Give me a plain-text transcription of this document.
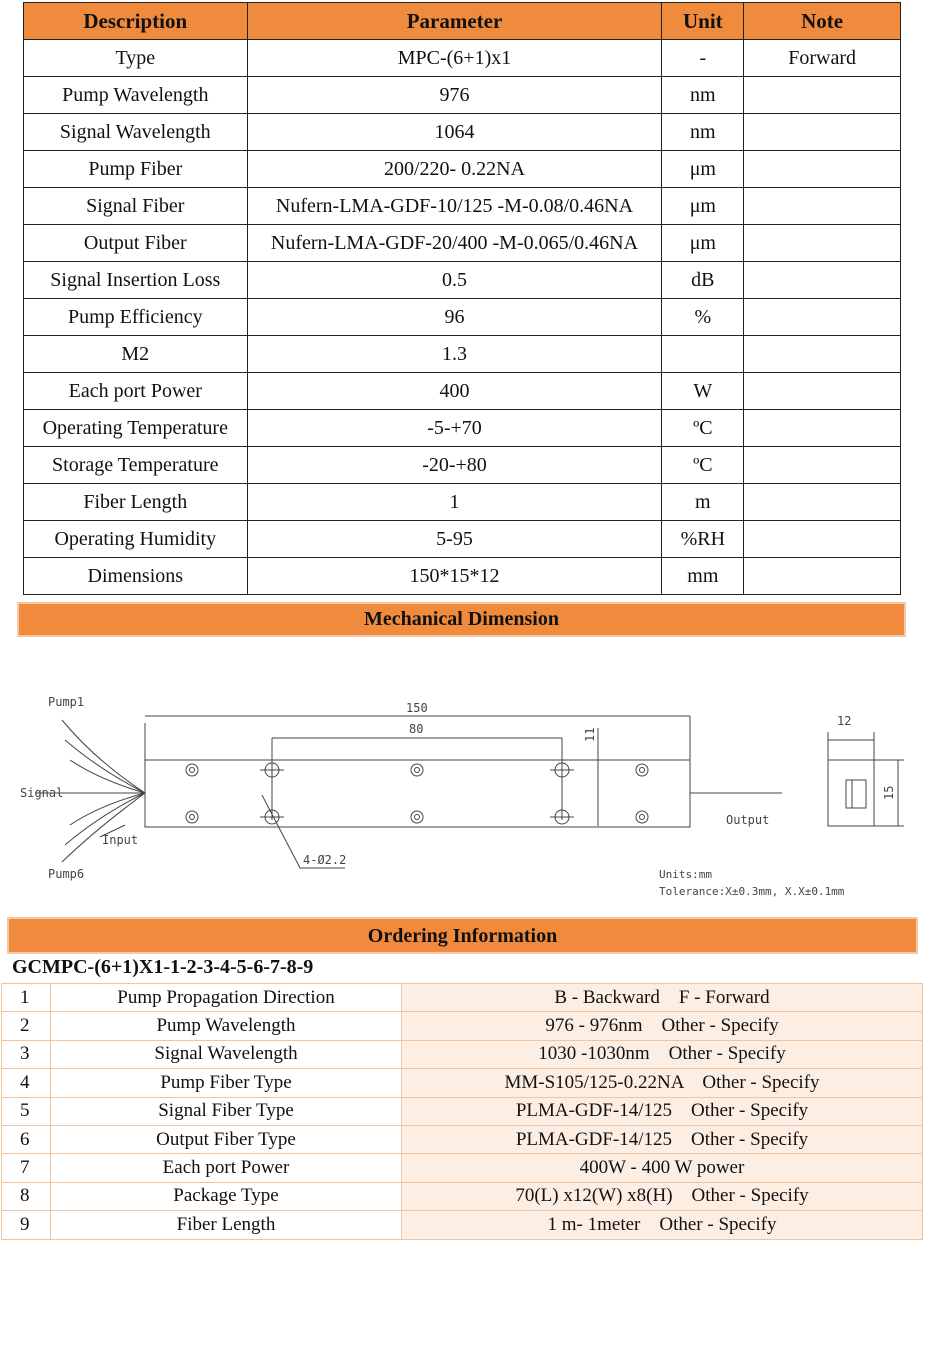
Description	Parameter	Unit	Note
Type	MPC-(6+1)x1	-	Forward
Pump Wavelength	976	nm	
Signal Wavelength	1064	nm	
Pump Fiber	200/220- 0.22NA	μm	
Signal Fiber	Nufern-LMA-GDF-10/125 -M-0.08/0.46NA	μm	
Output Fiber	Nufern-LMA-GDF-20/400 -M-0.065/0.46NA	μm	
Signal Insertion Loss	0.5	dB	
Pump Efficiency	96	%	
M2	1.3		
Each port Power	400	W	
Operating Temperature	-5-+70	ºC	
Storage Temperature	-20-+80	ºC	
Fiber Length	1	m	
Operating Humidity	5-95	%RH	
Dimensions	150*15*12	mm	
Mechanical Dimension
Pump1
Signal
Input
Pump6
Output
150
80	11
12
15
4-Ø2.2
Units:mm
Tolerance:X±0.3mm, X.X±0.1mm
Ordering Information
GCMPC-(6+1)X1-1-2-3-4-5-6-7-8-9
1	Pump Propagation Direction	B - Backward    F - Forward
2	Pump Wavelength	976 - 976nm    Other - Specify
3	Signal Wavelength	1030 -1030nm    Other - Specify
4	Pump Fiber Type	MM-S105/125-0.22NA    Other - Specify
5	Signal Fiber Type	PLMA-GDF-14/125    Other - Specify
6	Output Fiber Type	PLMA-GDF-14/125    Other - Specify
7	Each port Power	400W - 400 W power
8	Package Type	70(L) x12(W) x8(H)    Other - Specify
9	Fiber Length	1 m- 1meter    Other - Specify
